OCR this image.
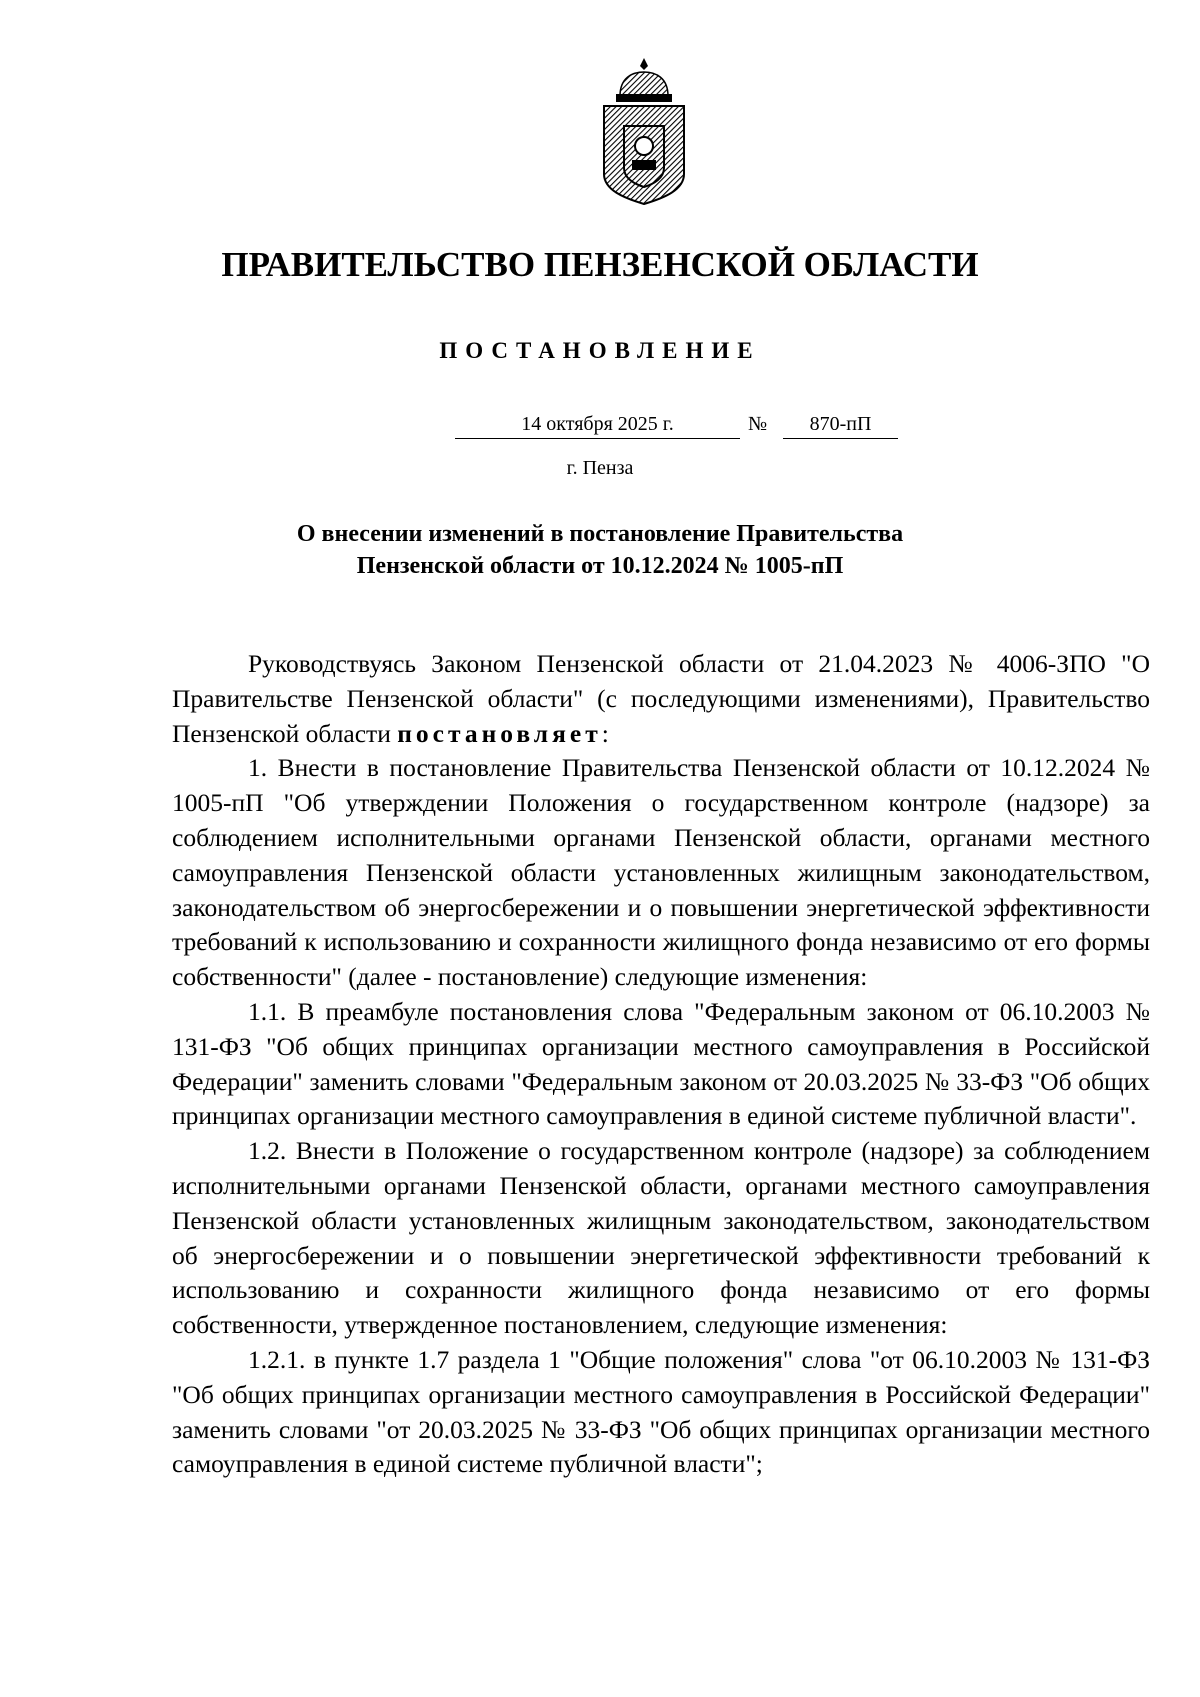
ПРАВИТЕЛЬСТВО ПЕНЗЕНСКОЙ ОБЛАСТИ
ПОСТАНОВЛЕНИЕ
14 октября 2025 г.	№	870-пП
г. Пенза
О внесении изменений в постановление Правительства
Пензенской области от 10.12.2024 № 1005-пП

Руководствуясь Законом Пензенской области от 21.04.2023 № 4006-ЗПО "О Правительстве Пензенской области" (с последующими изменениями), Правительство Пензенской области постановляет:

1. Внести в постановление Правительства Пензенской области от 10.12.2024 № 1005-пП "Об утверждении Положения о государственном контроле (надзоре) за соблюдением исполнительными органами Пензенской области, органами местного самоуправления Пензенской области установленных жилищным законодательством, законодательством об энергосбережении и о повышении энергетической эффективности требований к использованию и сохранности жилищного фонда независимо от его формы собственности" (далее - постановление) следующие изменения:

1.1. В преамбуле постановления слова "Федеральным законом от 06.10.2003 № 131-ФЗ "Об общих принципах организации местного самоуправления в Российской Федерации" заменить словами "Федеральным законом от 20.03.2025 № 33-ФЗ "Об общих принципах организации местного самоуправления в единой системе публичной власти".

1.2. Внести в Положение о государственном контроле (надзоре) за соблюдением исполнительными органами Пензенской области, органами местного самоуправления Пензенской области установленных жилищным законодательством, законодательством об энергосбережении и о повышении энергетической эффективности требований к использованию и сохранности жилищного фонда независимо от его формы собственности, утвержденное постановлением, следующие изменения:

1.2.1. в пункте 1.7 раздела 1 "Общие положения" слова "от 06.10.2003 № 131-ФЗ "Об общих принципах организации местного самоуправления в Российской Федерации" заменить словами "от 20.03.2025 № 33-ФЗ "Об общих принципах организации местного самоуправления в единой системе публичной власти";
